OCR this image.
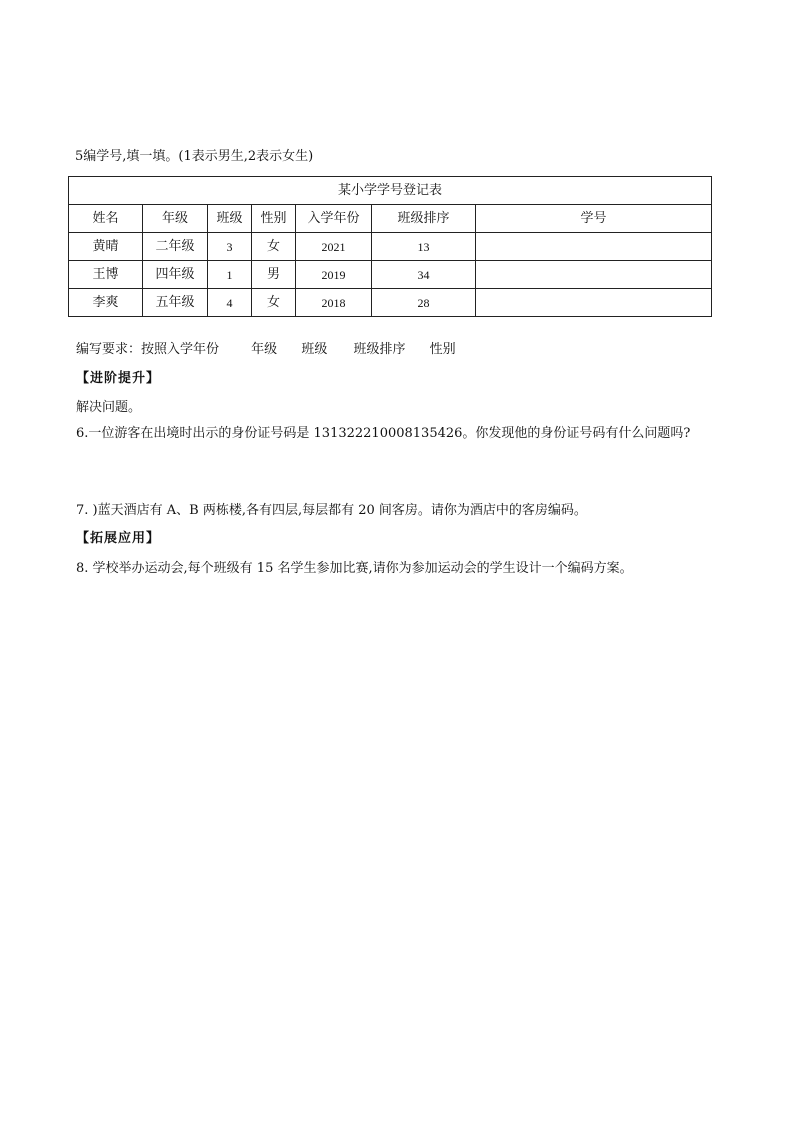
5编学号,填一填。(1表示男生,2表示女生)
某小学学号登记表						
姓名	年级	班级	性别	入学年份	班级排序	学号
黄晴	二年级	3	女	2021	13	
王博	四年级	1	男	2019	34	
李爽	五年级	4	女	2018	28	
编写要求：按照入学年份 年级 班级 班级排序 性别
【进阶提升】
解决问题。
6.一位游客在出境时出示的身份证号码是 131322210008135426。你发现他的身份证号码有什么问题吗?
7. )蓝天酒店有 A、B 两栋楼,各有四层,每层都有 20 间客房。请你为酒店中的客房编码。
【拓展应用】
8. 学校举办运动会,每个班级有 15 名学生参加比赛,请你为参加运动会的学生设计一个编码方案。
